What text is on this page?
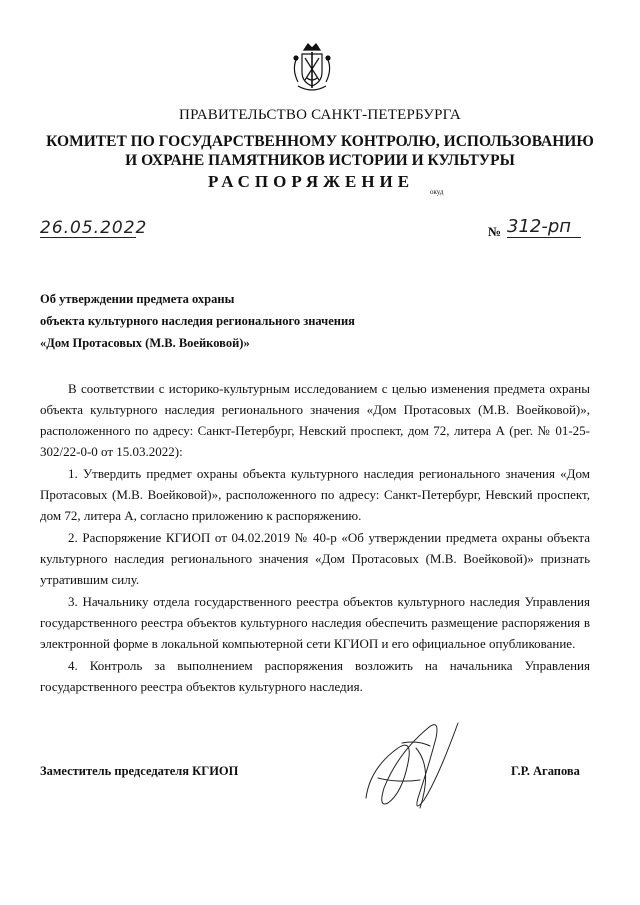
ПРАВИТЕЛЬСТВО САНКТ-ПЕТЕРБУРГА
КОМИТЕТ ПО ГОСУДАРСТВЕННОМУ КОНТРОЛЮ, ИСПОЛЬЗОВАНИЮ
И ОХРАНЕ ПАМЯТНИКОВ ИСТОРИИ И КУЛЬТУРЫ
РАСПОРЯЖЕНИЕ
окуд
26.05.2022	№ 312-рп
Об утверждении предмета охраны
объекта культурного наследия регионального значения
«Дом Протасовых (М.В. Воейковой)»

В соответствии с историко-культурным исследованием с целью изменения предмета охраны объекта культурного наследия регионального значения «Дом Протасовых (М.В. Воейковой)», расположенного по адресу: Санкт-Петербург, Невский проспект, дом 72, литера А (рег. № 01-25-302/22-0-0 от 15.03.2022):

1. Утвердить предмет охраны объекта культурного наследия регионального значения «Дом Протасовых (М.В. Воейковой)», расположенного по адресу: Санкт-Петербург, Невский проспект, дом 72, литера А, согласно приложению к распоряжению.

2. Распоряжение КГИОП от 04.02.2019 № 40-р «Об утверждении предмета охраны объекта культурного наследия регионального значения «Дом Протасовых (М.В. Воейковой)» признать утратившим силу.

3. Начальнику отдела государственного реестра объектов культурного наследия Управления государственного реестра объектов культурного наследия обеспечить размещение распоряжения в электронной форме в локальной компьютерной сети КГИОП и его официальное опубликование.

4. Контроль за выполнением распоряжения возложить на начальника Управления государственного реестра объектов культурного наследия.

Заместитель председателя КГИОП	Г.Р. Агапова
